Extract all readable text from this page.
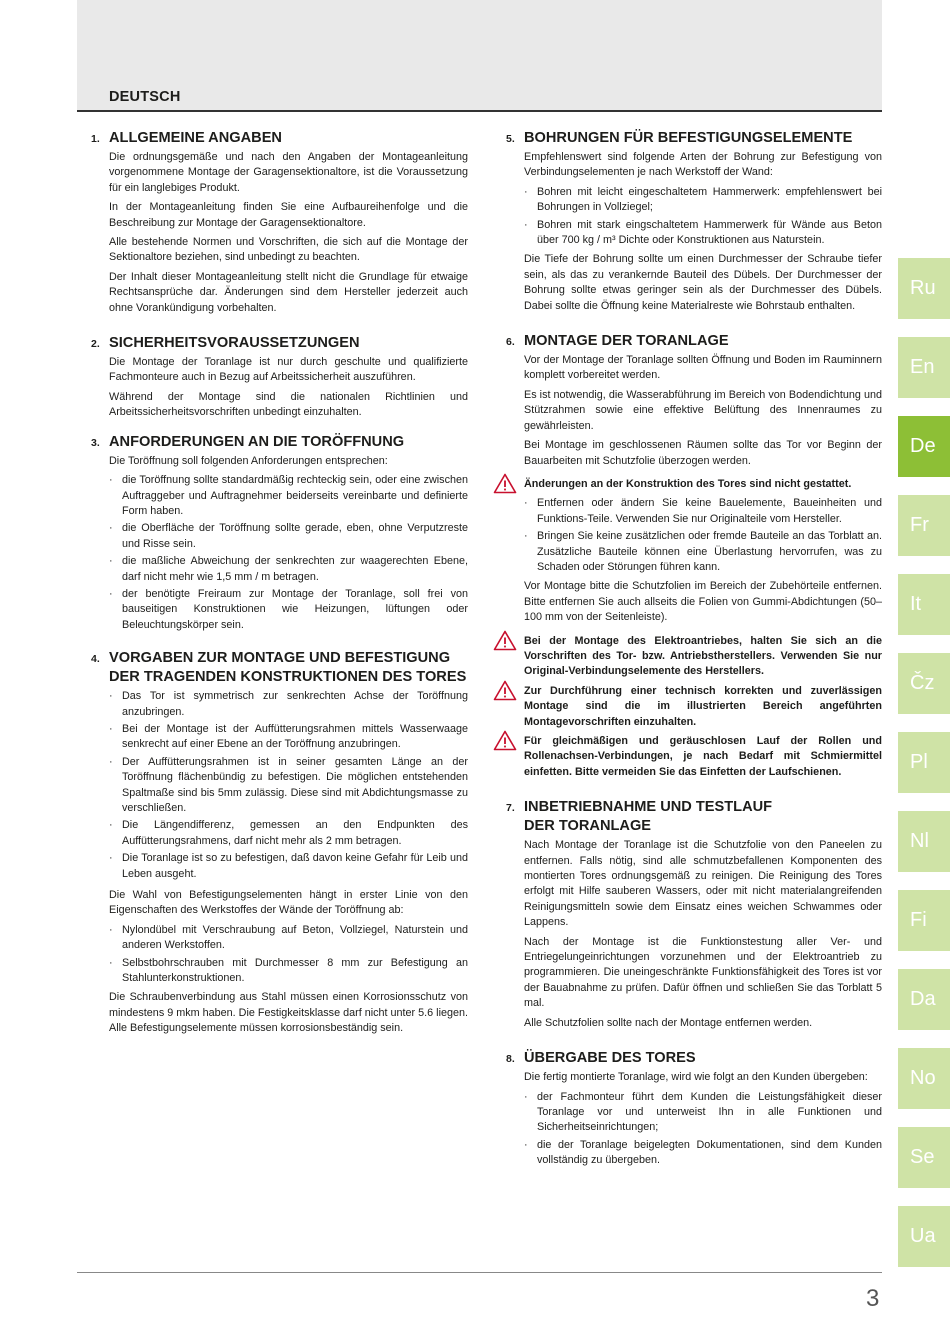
DEUTSCH
1. ALLGEMEINE ANGABEN

Die ordnungsgemäße und nach den Angaben der Montageanleitung vorgenommene Montage der Garagensektionaltore, ist die Voraussetzung für ein langlebiges Produkt.

In der Montageanleitung finden Sie eine Aufbaureihenfolge und die Beschreibung zur Montage der Garagensektionaltore.

Alle bestehende Normen und Vorschriften, die sich auf die Montage der Sektionaltore beziehen, sind unbedingt zu beachten.

Der Inhalt dieser Montageanleitung stellt nicht die Grundlage für etwaige Rechtsansprüche dar. Änderungen sind dem Hersteller jederzeit auch ohne Vorankündigung vorbehalten.

2. SICHERHEITSVORAUSSETZUNGEN

Die Montage der Toranlage ist nur durch geschulte und qualifizierte Fachmonteure auch in Bezug auf Arbeitssicherheit auszuführen.

Während der Montage sind die nationalen Richtlinien und Arbeitssicherheitsvorschriften unbedingt einzuhalten.

3. ANFORDERUNGEN AN DIE TORÖFFNUNG

Die Toröffnung soll folgenden Anforderungen entsprechen:

· die Toröffnung sollte standardmäßig rechteckig sein, oder eine zwischen Auftraggeber und Auftragnehmer beiderseits vereinbarte und definierte Form haben.
· die Oberfläche der Toröffnung sollte gerade, eben, ohne Verputzreste und Risse sein.
· die maßliche Abweichung der senkrechten zur waagerechten Ebene, darf nicht mehr wie 1,5 mm / m betragen.
· der benötigte Freiraum zur Montage der Toranlage, soll frei von bauseitigen Konstruktionen wie Heizungen, lüftungen oder Beleuchtungskörper sein.
4. VORGABEN ZUR MONTAGE UND BEFESTIGUNG DER TRAGENDEN KONSTRUKTIONEN DES TORES
· Das Tor ist symmetrisch zur senkrechten Achse der Toröffnung anzubringen.
· Bei der Montage ist der Auffütterungsrahmen mittels Wasserwaage senkrecht auf einer Ebene an der Toröffnung anzubringen.
· Der Auffütterungsrahmen ist in seiner gesamten Länge an der Toröffnung flächenbündig zu befestigen. Die möglichen entstehenden Spaltmaße sind bis 5mm zulässig. Diese sind mit Abdichtungsmasse zu verschließen.
· Die Längendifferenz, gemessen an den Endpunkten des Auffütterungsrahmens, darf nicht mehr als 2 mm betragen.
· Die Toranlage ist so zu befestigen, daß davon keine Gefahr für Leib und Leben ausgeht.

Die Wahl von Befestigungselementen hängt in erster Linie von den Eigenschaften des Werkstoffes der Wände der Toröffnung ab:

· Nylondübel mit Verschraubung auf Beton, Vollziegel, Naturstein und anderen Werkstoffen.
· Selbstbohrschrauben mit Durchmesser 8 mm zur Befestigung an Stahlunterkonstruktionen.

Die Schraubenverbindung aus Stahl müssen einen Korrosionsschutz von mindestens 9 mkm haben. Die Festigkeitsklasse darf nicht unter 5.6 liegen. Alle Befestigungselemente müssen korrosionsbeständig sein.

5. BOHRUNGEN FÜR BEFESTIGUNGSELEMENTE

Empfehlenswert sind folgende Arten der Bohrung zur Befestigung von Verbindungselementen je nach Werkstoff der Wand:

· Bohren mit leicht eingeschaltetem Hammerwerk: empfehlenswert bei Bohrungen in Vollziegel;
· Bohren mit stark eingschaltetem Hammerwerk für Wände aus Beton über 700 kg / m³ Dichte oder Konstruktionen aus Naturstein.

Die Tiefe der Bohrung sollte um einen Durchmesser der Schraube tiefer sein, als das zu verankernde Bauteil des Dübels. Der Durchmesser der Bohrung sollte etwas geringer sein als der Durchmesser des Dübels. Dabei sollte die Öffnung keine Materialreste wie Bohrstaub enthalten.

6. MONTAGE DER TORANLAGE

Vor der Montage der Toranlage sollten Öffnung und Boden im Rauminnern komplett vorbereitet werden.

Es ist notwendig, die Wasserabführung im Bereich von Bodendichtung und Stützrahmen sowie eine effektive Belüftung des Innenraumes zu gewährleisten.

Bei Montage im geschlossenen Räumen sollte das Tor vor Beginn der Bauarbeiten mit Schutzfolie überzogen werden.

Änderungen an der Konstruktion des Tores sind nicht gestattet.

· Entfernen oder ändern Sie keine Bauelemente, Baueinheiten und Funktions-Teile. Verwenden Sie nur Originalteile vom Hersteller.
· Bringen Sie keine zusätzlichen oder fremde Bauteile an das Torblatt an. Zusätzliche Bauteile können eine Überlastung hervorrufen, was zu Schaden oder Störungen führen kann.

Vor Montage bitte die Schutzfolien im Bereich der Zubehörteile entfernen. Bitte entfernen Sie auch allseits die Folien von Gummi-Abdichtungen (50–100 mm von der Seitenleiste).

Bei der Montage des Elektroantriebes, halten Sie sich an die Vorschriften des Tor- bzw. Antriebstherstellers. Verwenden Sie nur Original-Verbindungselemente des Herstellers.

Zur Durchführung einer technisch korrekten und zuverlässigen Montage sind die im illustrierten Bereich angeführten Montagevorschriften einzuhalten.

Für gleichmäßigen und geräuschlosen Lauf der Rollen und Rollenachsen-Verbindungen, je nach Bedarf mit Schmiermittel einfetten. Bitte vermeiden Sie das Einfetten der Laufschienen.

7. INBETRIEBNAHME UND TESTLAUF DER TORANLAGE

Nach Montage der Toranlage ist die Schutzfolie von den Paneelen zu entfernen. Falls nötig, sind alle schmutzbefallenen Komponenten des montierten Tores ordnungsgemäß zu reinigen. Die Reinigung des Tores erfolgt mit Hilfe sauberen Wassers, oder mit nicht materialangreifenden Reinigungsmitteln sowie dem Einsatz eines weichen Schwammes oder Lappens.

Nach der Montage ist die Funktionstestung aller Ver- und Entriegelungeinrichtungen vorzunehmen und der Elektroantrieb zu programmieren. Die uneingeschränkte Funktionsfähigkeit des Tores ist vor der Bauabnahme zu prüfen. Dafür öffnen und schließen Sie das Torblatt 5 mal.

Alle Schutzfolien sollte nach der Montage entfernen werden.

8. ÜBERGABE DES TORES

Die fertig montierte Toranlage, wird wie folgt an den Kunden übergeben:

· der Fachmonteur führt dem Kunden die Leistungsfähigkeit dieser Toranlage vor und unterweist Ihn in alle Funktionen und Sicherheitseinrichtungen;
· die der Toranlage beigelegten Dokumentationen, sind dem Kunden vollständig zu übergeben.
Ru
En
De
Fr
It
Čz
Pl
Nl
Fi
Da
No
Se
Ua
3
